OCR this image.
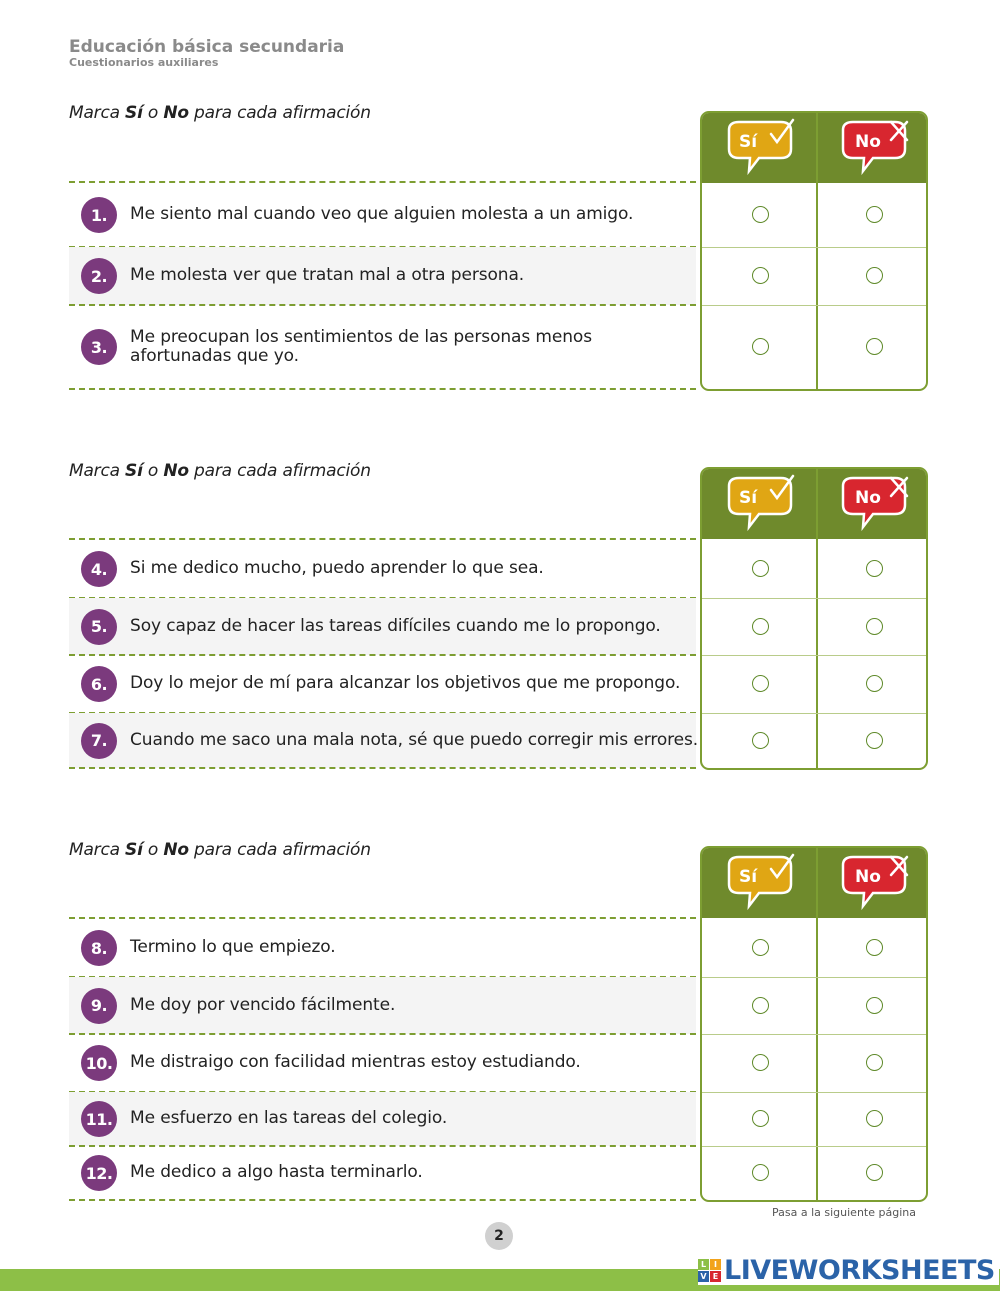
Educación básica secundaria
Cuestionarios auxiliares
Marca Sí o No para cada afirmación
1.	Me siento mal cuando veo que alguien molesta a un amigo.
2.	Me molesta ver que tratan mal a otra persona.
3.	Me preocupan los sentimientos de las personas menos afortunadas que yo.
Sí	No
Marca Sí o No para cada afirmación
4.	Si me dedico mucho, puedo aprender lo que sea.
5.	Soy capaz de hacer las tareas difíciles cuando me lo propongo.
6.	Doy lo mejor de mí para alcanzar los objetivos que me propongo.
7.	Cuando me saco una mala nota, sé que puedo corregir mis errores.
Sí	No
Marca Sí o No para cada afirmación
8.	Termino lo que empiezo.
9.	Me doy por vencido fácilmente.
10. Me distraigo con facilidad mientras estoy estudiando.
11. Me esfuerzo en las tareas del colegio.
12. Me dedico a algo hasta terminarlo.
Sí	No
Pasa a la siguiente página
2
L I
V E LIVEWORKSHEETS
